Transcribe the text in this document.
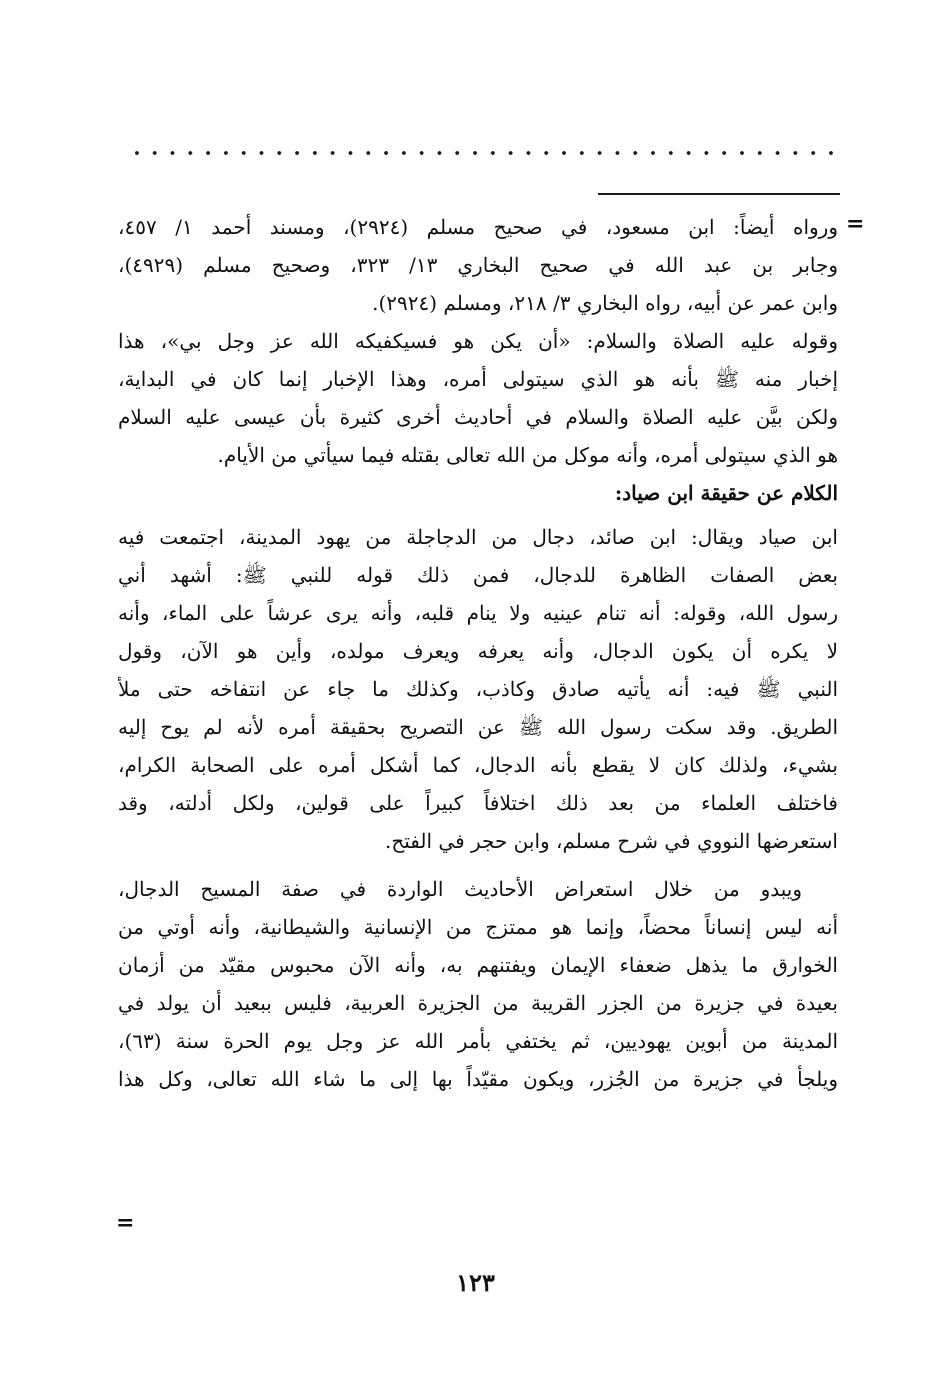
=
ورواه أيضاً: ابن مسعود، في صحيح مسلم (٢٩٢٤)، ومسند أحمد ١/ ٤٥٧،
وجابر بن عبد الله في صحيح البخاري ١٣/ ٣٢٣، وصحيح مسلم (٤٩٢٩)،
وابن عمر عن أبيه، رواه البخاري ٣/ ٢١٨، ومسلم (٢٩٢٤).
وقوله عليه الصلاة والسلام: «أن يكن هو فسيكفيكه الله عز وجل بي»، هذا
إخبار منه ﷺ بأنه هو الذي سيتولى أمره، وهذا الإخبار إنما كان في البداية،
ولكن بيَّن عليه الصلاة والسلام في أحاديث أخرى كثيرة بأن عيسى عليه السلام
هو الذي سيتولى أمره، وأنه موكل من الله تعالى بقتله فيما سيأتي من الأيام.
الكلام عن حقيقة ابن صياد:
ابن صياد ويقال: ابن صائد، دجال من الدجاجلة من يهود المدينة، اجتمعت فيه
بعض الصفات الظاهرة للدجال، فمن ذلك قوله للنبي ﷺ: أشهد أني
رسول الله، وقوله: أنه تنام عينيه ولا ينام قلبه، وأنه يرى عرشاً على الماء، وأنه
لا يكره أن يكون الدجال، وأنه يعرفه ويعرف مولده، وأين هو الآن، وقول
النبي ﷺ فيه: أنه يأتيه صادق وكاذب، وكذلك ما جاء عن انتفاخه حتى ملأ
الطريق. وقد سكت رسول الله ﷺ عن التصريح بحقيقة أمره لأنه لم يوح إليه
بشيء، ولذلك كان لا يقطع بأنه الدجال، كما أشكل أمره على الصحابة الكرام،
فاختلف العلماء من بعد ذلك اختلافاً كبيراً على قولين، ولكل أدلته، وقد
استعرضها النووي في شرح مسلم، وابن حجر في الفتح.
ويبدو من خلال استعراض الأحاديث الواردة في صفة المسيح الدجال،
أنه ليس إنساناً محضاً، وإنما هو ممتزج من الإنسانية والشيطانية، وأنه أوتي من
الخوارق ما يذهل ضعفاء الإيمان ويفتنهم به، وأنه الآن محبوس مقيّد من أزمان
بعيدة في جزيرة من الجزر القريبة من الجزيرة العربية، فليس ببعيد أن يولد في
المدينة من أبوين يهوديين، ثم يختفي بأمر الله عز وجل يوم الحرة سنة (٦٣)،
ويلجأ في جزيرة من الجُزر، ويكون مقيّداً بها إلى ما شاء الله تعالى، وكل هذا
=
١٢٣
